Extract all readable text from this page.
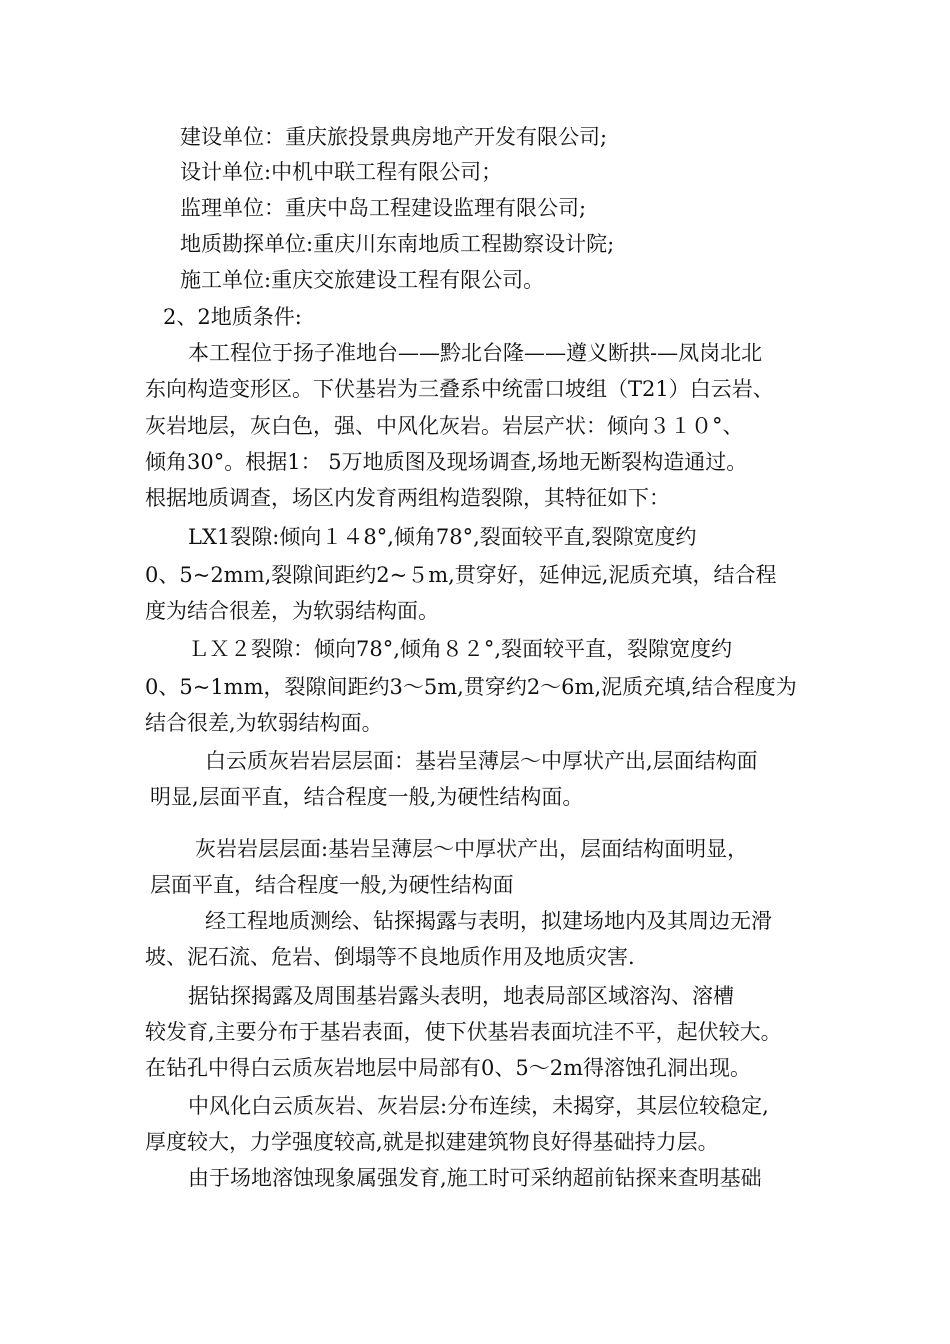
建设单位：重庆旅投景典房地产开发有限公司;
设计单位:中机中联工程有限公司；
监理单位：重庆中岛工程建设监理有限公司;
地质勘探单位:重庆川东南地质工程勘察设计院;
施工单位:重庆交旅建设工程有限公司。
2、2地质条件:
本工程位于扬子准地台——黔北台隆——遵义断拱-—凤岗北北
东向构造变形区。下伏基岩为三叠系中统雷口坡组（T21）白云岩、
灰岩地层，灰白色，强、中风化灰岩。岩层产状：倾向３１０°、
倾角30°。根据1： 5万地质图及现场调查,场地无断裂构造通过。
根据地质调查，场区内发育两组构造裂隙，其特征如下：
LX1裂隙:倾向１４8°,倾角78°,裂面较平直,裂隙宽度约
0、5~2mｍ,裂隙间距约2~５m,贯穿好，延伸远,泥质充填，结合程
度为结合很差，为软弱结构面。
ＬＸ２裂隙：倾向78°,倾角８２°,裂面较平直，裂隙宽度约
0、5~1mm，裂隙间距约3～5m,贯穿约2～6m,泥质充填,结合程度为
结合很差,为软弱结构面。
白云质灰岩岩层层面：基岩呈薄层～中厚状产出,层面结构面
明显,层面平直，结合程度一般,为硬性结构面。
灰岩岩层层面:基岩呈薄层～中厚状产出，层面结构面明显，
层面平直，结合程度一般,为硬性结构面
经工程地质测绘、钻探揭露与表明，拟建场地内及其周边无滑
坡、泥石流、危岩、倒塌等不良地质作用及地质灾害.
据钻探揭露及周围基岩露头表明，地表局部区域溶沟、溶槽
较发育,主要分布于基岩表面，使下伏基岩表面坑洼不平，起伏较大。
在钻孔中得白云质灰岩地层中局部有0、5～2m得溶蚀孔洞出现。
中风化白云质灰岩、灰岩层:分布连续，未揭穿，其层位较稳定,
厚度较大，力学强度较高,就是拟建建筑物良好得基础持力层。
由于场地溶蚀现象属强发育,施工时可采纳超前钻探来查明基础
